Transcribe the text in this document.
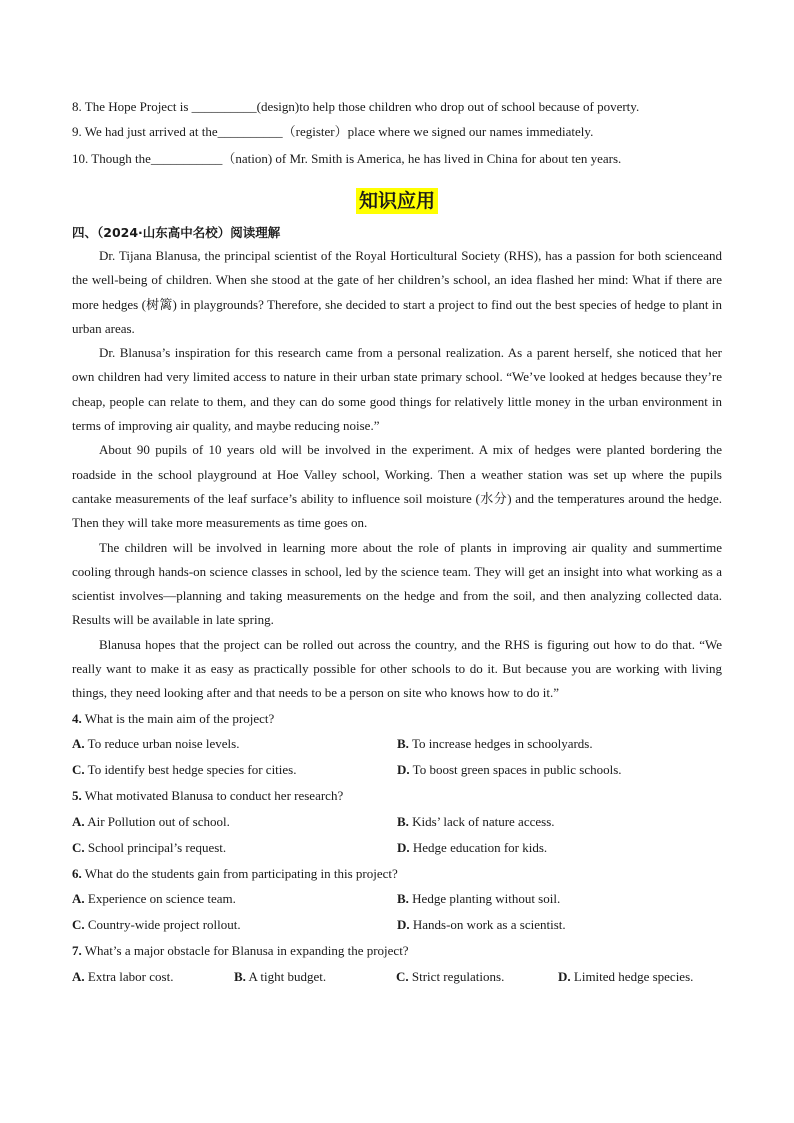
8. The Hope Project is __________(design)to help those children who drop out of school because of poverty.
9. We had just arrived at the__________（register）place where we signed our names immediately.
10. Though the___________（nation) of Mr. Smith is America, he has lived in China for about ten years.
知识应用
四、（2024·山东高中名校）阅读理解
Dr. Tijana Blanusa, the principal scientist of the Royal Horticultural Society (RHS), has a passion for both scienceand the well-being of children. When she stood at the gate of her children’s school, an idea flashed her mind: What if there are more hedges (树篱) in playgrounds? Therefore, she decided to start a project to find out the best species of hedge to plant in urban areas.
Dr. Blanusa’s inspiration for this research came from a personal realization. As a parent herself, she noticed that her own children had very limited access to nature in their urban state primary school. “We’ve looked at hedges because they’re cheap, people can relate to them, and they can do some good things for relatively little money in the urban environment in terms of improving air quality, and maybe reducing noise.”
About 90 pupils of 10 years old will be involved in the experiment. A mix of hedges were planted bordering the roadside in the school playground at Hoe Valley school, Working. Then a weather station was set up where the pupils cantake measurements of the leaf surface’s ability to influence soil moisture (水分) and the temperatures around the hedge. Then they will take more measurements as time goes on.
The children will be involved in learning more about the role of plants in improving air quality and summertime cooling through hands-on science classes in school, led by the science team. They will get an insight into what working as a scientist involves—planning and taking measurements on the hedge and from the soil, and then analyzing collected data. Results will be available in late spring.
Blanusa hopes that the project can be rolled out across the country, and the RHS is figuring out how to do that. “We really want to make it as easy as practically possible for other schools to do it. But because you are working with living things, they need looking after and that needs to be a person on site who knows how to do it.”
4. What is the main aim of the project?
A. To reduce urban noise levels.	B. To increase hedges in schoolyards.
C. To identify best hedge species for cities.	D. To boost green spaces in public schools.
5. What motivated Blanusa to conduct her research?
A. Air Pollution out of school.	B. Kids’ lack of nature access.
C. School principal’s request.	D. Hedge education for kids.
6. What do the students gain from participating in this project?
A. Experience on science team.	B. Hedge planting without soil.
C. Country-wide project rollout.	D. Hands-on work as a scientist.
7. What’s a major obstacle for Blanusa in expanding the project?
A. Extra labor cost.	B. A tight budget.	C. Strict regulations.	D. Limited hedge species.
